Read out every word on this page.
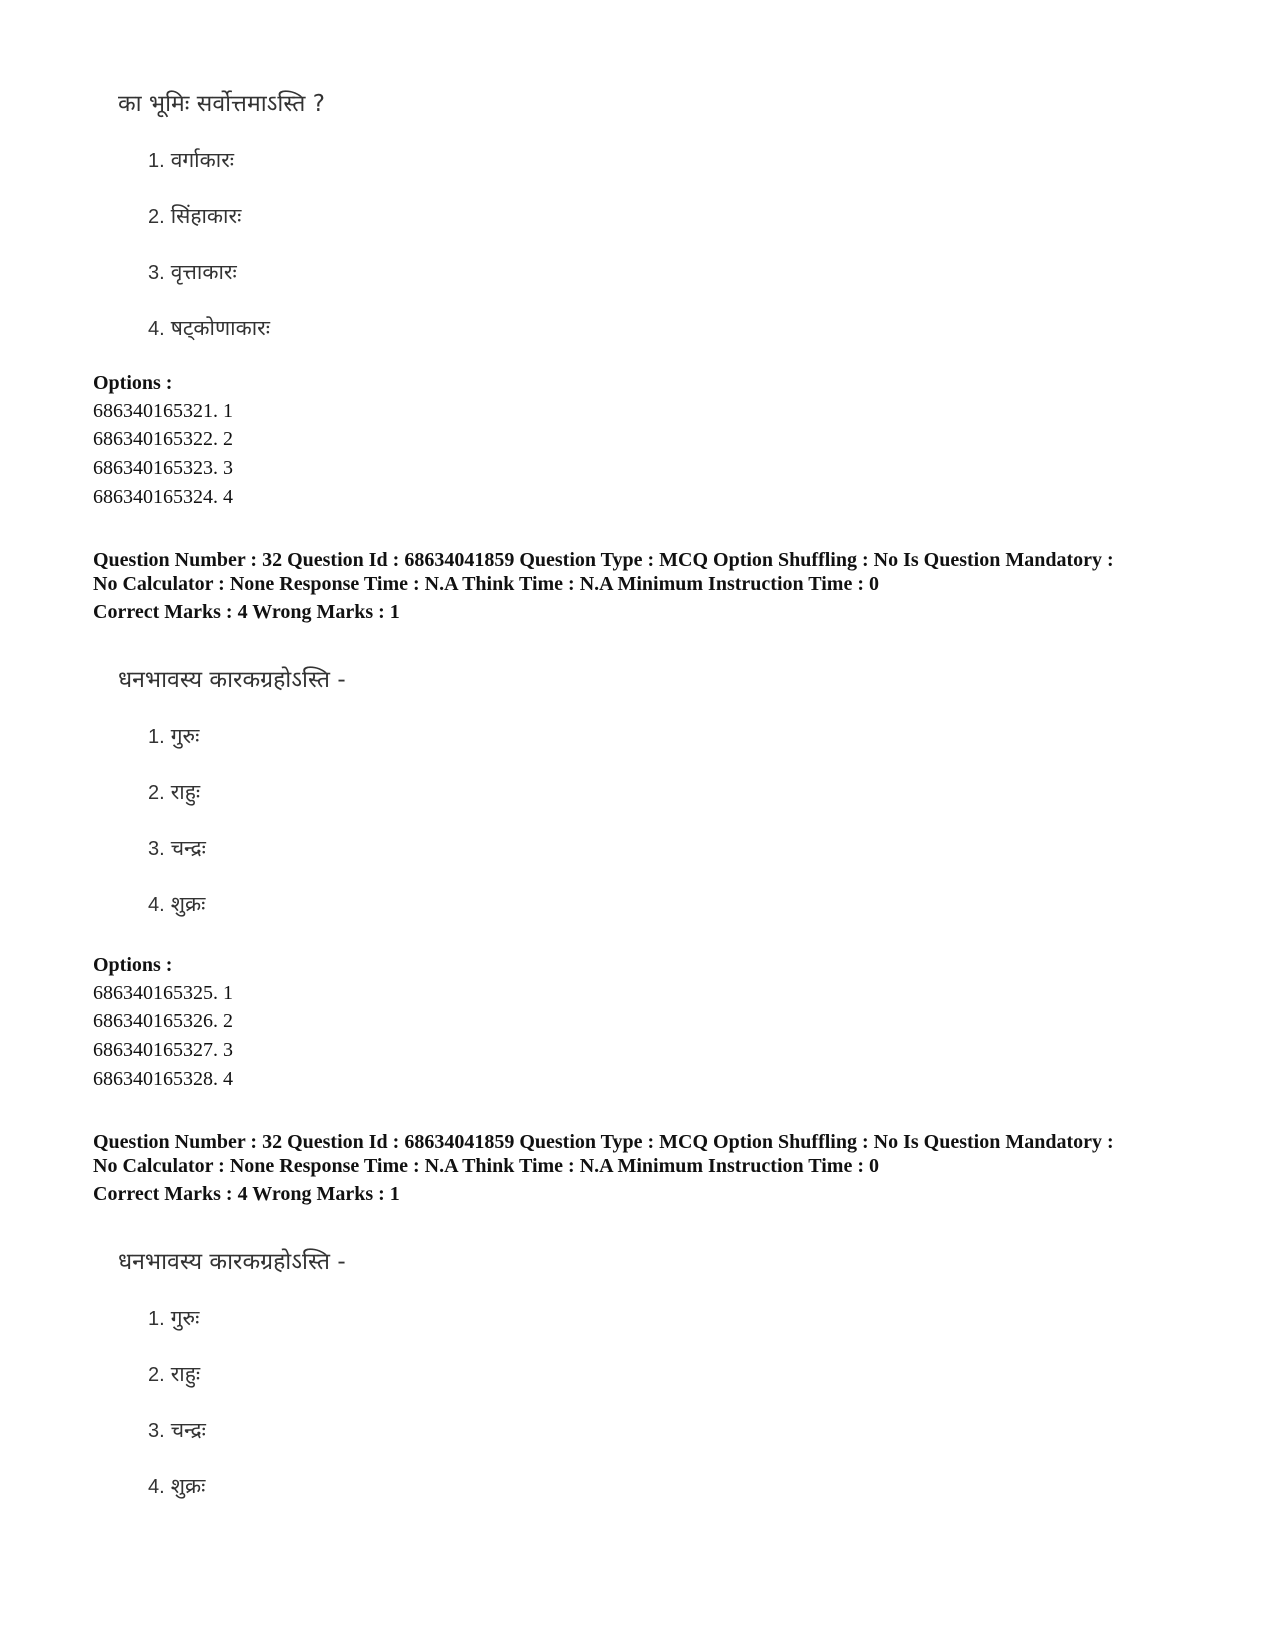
का भूमिः सर्वोत्तमाऽस्ति ?
1. वर्गाकारः
2. सिंहाकारः
3. वृत्ताकारः
4. षट्कोणाकारः
Options :
686340165321. 1
686340165322. 2
686340165323. 3
686340165324. 4
Question Number : 32 Question Id : 68634041859 Question Type : MCQ Option Shuffling : No Is Question Mandatory :
No Calculator : None Response Time : N.A Think Time : N.A Minimum Instruction Time : 0
Correct Marks : 4 Wrong Marks : 1
धनभावस्य कारकग्रहोऽस्ति -
1. गुरुः
2. राहुः
3. चन्द्रः
4. शुक्रः
Options :
686340165325. 1
686340165326. 2
686340165327. 3
686340165328. 4
Question Number : 32 Question Id : 68634041859 Question Type : MCQ Option Shuffling : No Is Question Mandatory :
No Calculator : None Response Time : N.A Think Time : N.A Minimum Instruction Time : 0
Correct Marks : 4 Wrong Marks : 1
धनभावस्य कारकग्रहोऽस्ति -
1. गुरुः
2. राहुः
3. चन्द्रः
4. शुक्रः
